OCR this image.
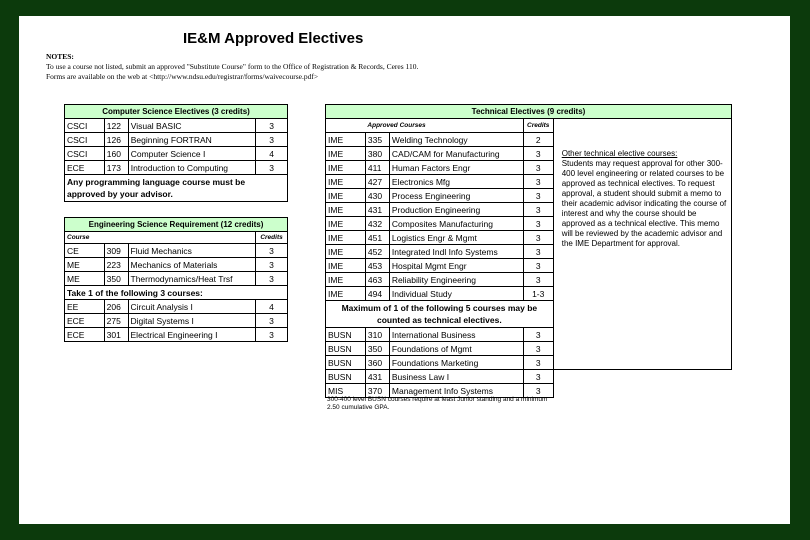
IE&M Approved Electives
NOTES:
To use a course not listed, submit an approved "Substitute Course" form to the Office of Registration & Records, Ceres 110.
Forms are available on the web at <http://www.ndsu.edu/registrar/forms/waivecourse.pdf>
Computer Science Electives (3 credits)			
CSCI	122	Visual BASIC	3
CSCI	126	Beginning FORTRAN	3
CSCI	160	Computer Science I	4
ECE	173	Introduction to Computing	3
Any programming language course must be approved by your advisor.			
Engineering Science Requirement (12 credits)			
Course			Credits
CE	309	Fluid Mechanics	3
ME	223	Mechanics of Materials	3
ME	350	Thermodynamics/Heat Trsf	3
Take 1 of the following 3 courses:			
EE	206	Circuit Analysis I	4
ECE	275	Digital Systems I	3
ECE	301	Electrical Engineering I	3
Technical Electives (9 credits)				
	Approved Courses		Credits	Other technical elective courses:
Students may request approval for other 300-400 level engineering or related courses to be approved as technical electives. To request approval, a student should submit a memo to their academic advisor indicating the course of interest and why the course should be approved as a technical elective. This memo will be reviewed by the academic advisor and the IME Department for approval.
IME	335	Welding Technology	2	
IME	380	CAD/CAM for Manufacturing	3	
IME	411	Human Factors Engr	3	
IME	427	Electronics Mfg	3	
IME	430	Process Engineering	3	
IME	431	Production Engineering	3	
IME	432	Composites Manufacturing	3	
IME	451	Logistics Engr & Mgmt	3	
IME	452	Integrated Indl Info Systems	3	
IME	453	Hospital Mgmt Engr	3	
IME	463	Reliability Engineering	3	
IME	494	Individual Study	1-3	
Maximum of 1 of the following 5 courses may be counted as technical electives.				
BUSN	310	International Business	3	
BUSN	350	Foundations of Mgmt	3	
BUSN	360	Foundations Marketing	3	
BUSN	431	Business Law I	3	
MIS	370	Management Info Systems	3	
300-400 level BUSN courses require at least Junior standing and a minimum 2.50 cumulative GPA.
